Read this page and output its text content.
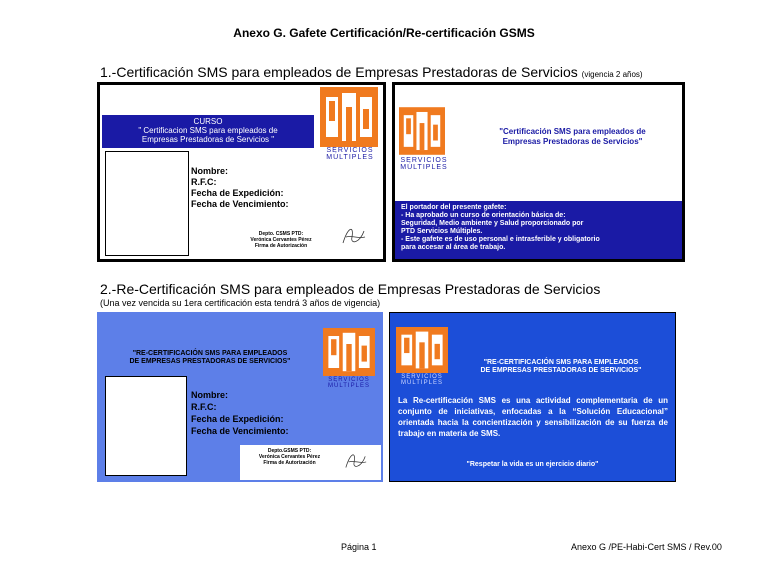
Anexo G. Gafete Certificación/Re-certificación GSMS
1.-Certificación SMS para empleados de Empresas Prestadoras de Servicios (vigencia 2 años)
CURSO
" Certificacion SMS para empleados de
Empresas Prestadoras de Servicios "
SERVICIOS
MÚLTIPLES
Nombre:
R.F.C:
Fecha de Expedición:
Fecha de Vencimiento:
Depto. CSMS PTD:
Verónica Cervantes Pérez
Firma de Autorización
SERVICIOS
MÚLTIPLES
"Certificación SMS para empleados de
Empresas Prestadoras de Servicios"
El portador del presente gafete:
- Ha aprobado un curso de orientación básica de:
Seguridad, Medio ambiente y Salud proporcionado por
PTD Servicios Múltiples.
- Este gafete es de uso personal e intrasferible y obligatorio
para accesar al área de trabajo.
2.-Re-Certificación SMS para empleados de Empresas Prestadoras de Servicios
(Una vez vencida su 1era certificación esta tendrá 3 años de vigencia)
"RE-CERTIFICACIÓN SMS PARA EMPLEADOS
DE EMPRESAS PRESTADORAS DE SERVICIOS"
SERVICIOS
MÚLTIPLES
Nombre:
R.F.C:
Fecha de Expedición:
Fecha de Vencimiento:
Depto.GSMS PTD:
Verónica Cervantes Pérez
Firma de Autorización
SERVICIOS
MÚLTIPLES
"RE-CERTIFICACIÓN SMS PARA EMPLEADOS
DE EMPRESAS PRESTADORAS DE SERVICIOS"
La Re-certificación SMS es una actividad complementaria de un conjunto de iniciativas, enfocadas a la “Solución Educacional” orientada hacia la concientización y sensibilización de su fuerza de trabajo en materia de SMS.
"Respetar la vida es un ejercicio diario"
Página 1	Anexo G /PE-Habi-Cert SMS / Rev.00
